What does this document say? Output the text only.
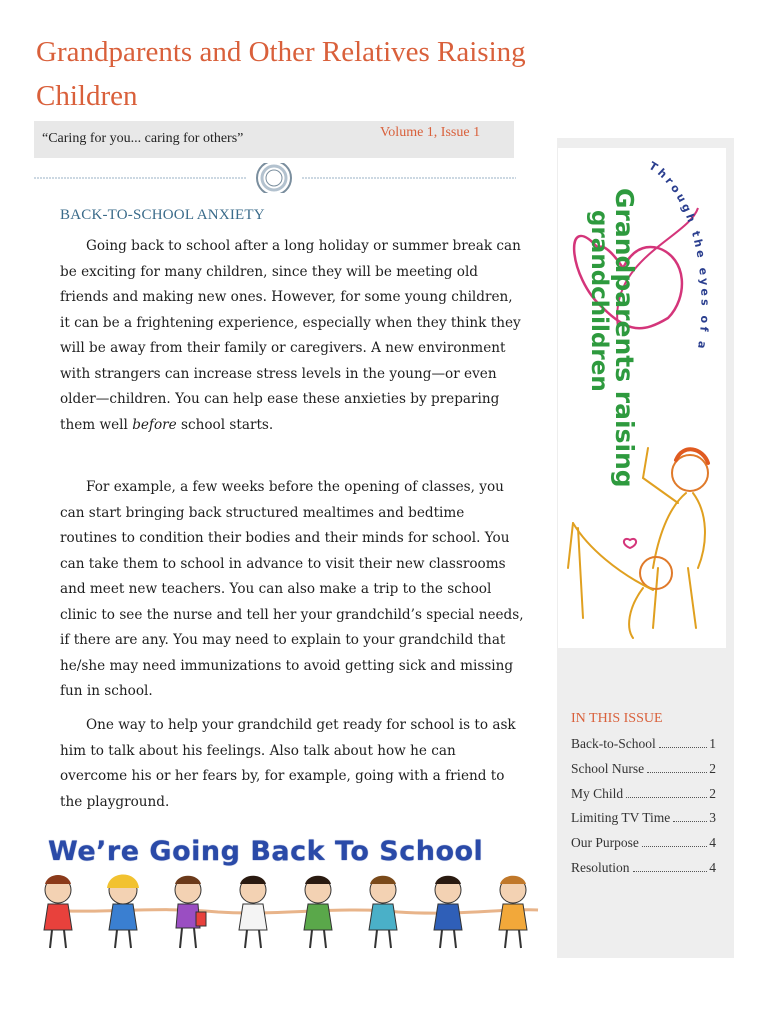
Grandparents and Other Relatives Raising Children
“Caring for you... caring for others”	Volume 1, Issue 1
BACK-TO-SCHOOL ANXIETY

Going back to school after a long holiday or summer break can be exciting for many children, since they will be meeting old friends and making new ones. However, for some young children, it can be a frightening experience, especially when they think they will be away from their family or caregivers. A new environment with strangers can increase stress levels in the young—or even older—children. You can help ease these anxieties by preparing them well before school starts.

For example, a few weeks before the opening of classes, you can start bringing back structured mealtimes and bedtime routines to condition their bodies and their minds for school. You can take them to school in advance to visit their new classrooms and meet new teachers. You can also make a trip to the school clinic to see the nurse and tell her your grandchild’s special needs, if there are any. You may need to explain to your grandchild that he/she may need immunizations to avoid getting sick and missing fun in school.

One way to help your grandchild get ready for school is to ask him to talk about his feelings. Also talk about how he can overcome his or her fears by, for example, going with a friend to the playground.

Grandparents raising
grandchildren
Through the eyes of a
IN THIS ISSUE
Back-to-School	1
School Nurse	2
My Child	2
Limiting TV Time	3
Our Purpose	4
Resolution	4
We’re Going Back To School
